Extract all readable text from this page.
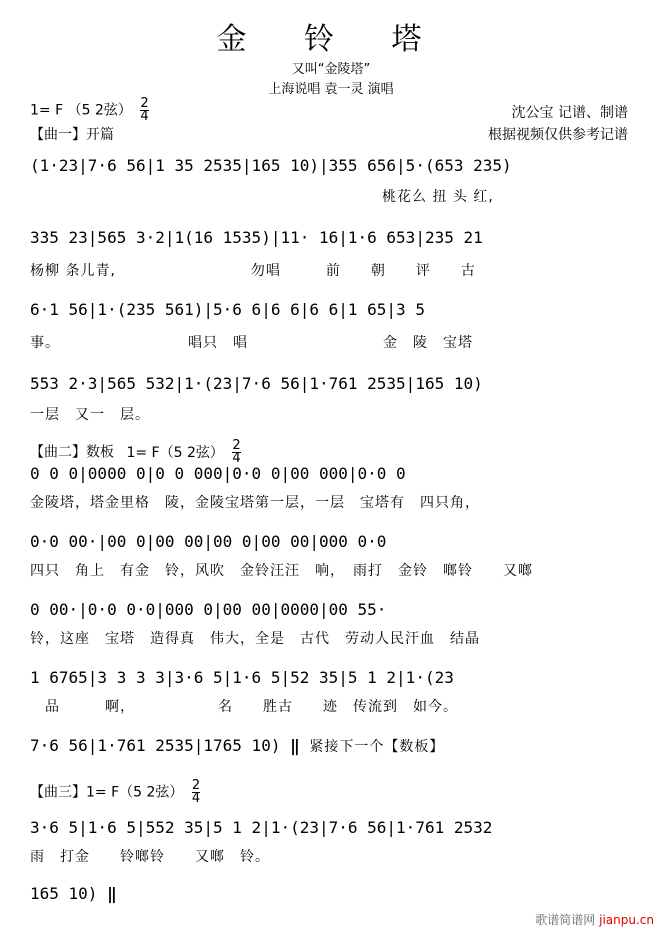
金 铃 塔
又叫“金陵塔”
上海说唱 袁一灵 演唱
1= F （5 2弦） $\frac{2}{4}$	沈公宝 记谱、制谱
根据视频仅供参考记谱
【曲一】开篇
(1·23|7·6 56|1 35 2535|165 10)|355 656|5·(653 235)
桃花么 扭 头 红,
335 23|565 3·2|1(16 1535)|11· 16|1·6 653|235 21
杨柳 条儿青,　　　　　　　　　勿唱　　　前　　朝　　评　　古
6·1 56|1·(235 561)|5·6 6|6 6|6 6|1 65|3 5
事。　　　　　　　　　唱只　唱　　　　　　　　　金　陵　宝塔
553 2·3|565 532|1·(23|7·6 56|1·761 2535|165 10)
一层　又一　层。
【曲二】数板 1= F（5 2弦） $\frac{2}{4}$
0 0 0|0000 0|0 0 000|0·0 0|00 000|0·0 0
金陵塔，塔金里格　陵，金陵宝塔第一层，一层　宝塔有　四只角，
0·0 00·|00 0|00 00|00 0|00 00|000 0·0
四只　角上　有金　铃，风吹　金铃汪汪　响，　雨打　金铃　啷铃　　又啷
0 00·|0·0 0·0|000 0|00 00|0000|00 55·
铃，这座　宝塔　造得真　伟大，全是　古代　劳动人民汗血　结晶
1 6765|3 3 3 3|3·6 5|1·6 5|52 35|5 1 2|1·(23
　品　　　啊，　　　　　　名　　胜古　　迹　传流到　如今。
7·6 56|1·761 2535|1765 10) ‖ 紧接下一个【数板】
【曲三】1= F（5 2弦） $\frac{2}{4}$
3·6 5|1·6 5|552 35|5 1 2|1·(23|7·6 56|1·761 2532
雨　打金　　铃啷铃　　又啷　铃。
165 10) ‖
歌谱简谱网 jianpu.cn
